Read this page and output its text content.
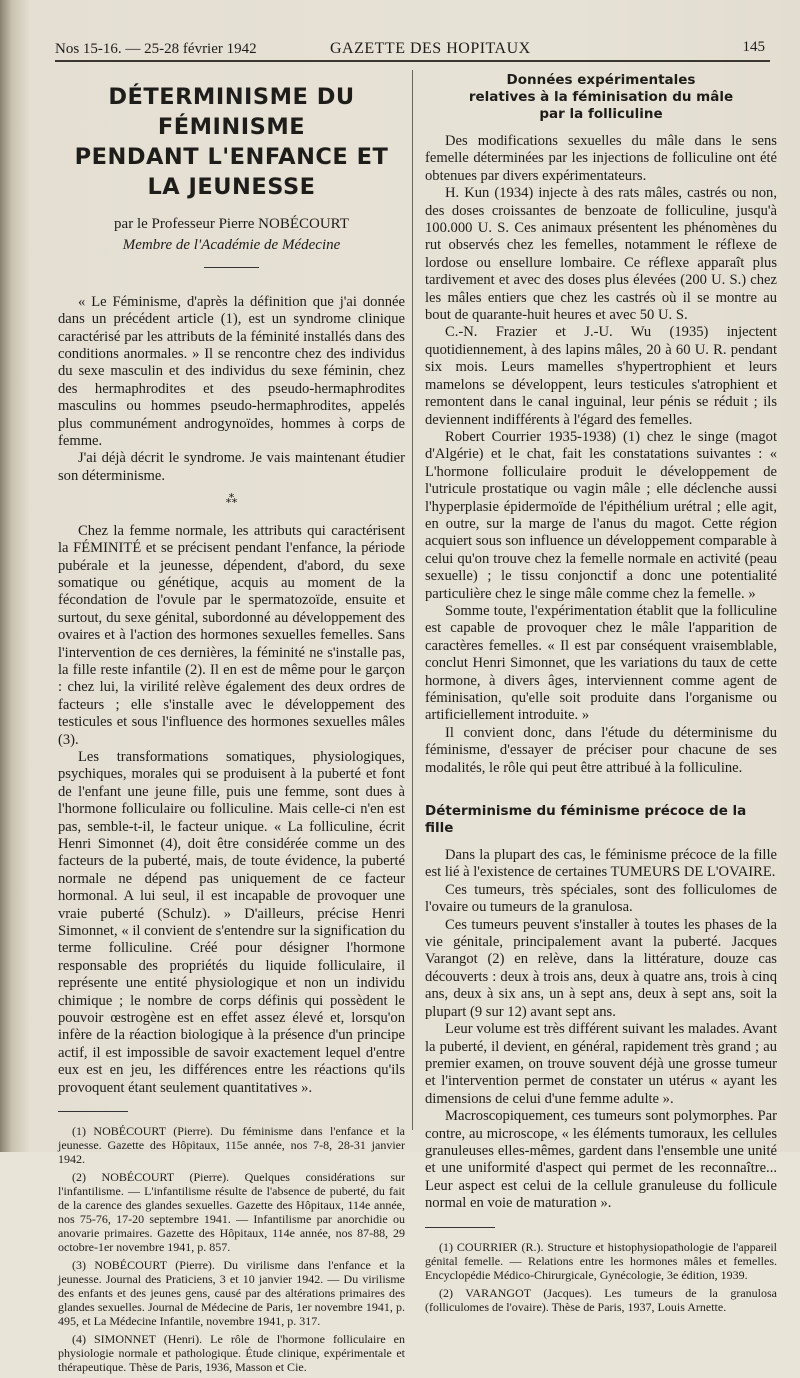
Nos 15-16. — 25-28 février 1942	GAZETTE DES HOPITAUX	145
DÉTERMINISME DU FÉMINISME
PENDANT L'ENFANCE ET LA JEUNESSE
par le Professeur Pierre NOBÉCOURT
Membre de l'Académie de Médecine

« Le Féminisme, d'après la définition que j'ai donnée dans un précédent article (1), est un syndrome clinique caractérisé par les attributs de la féminité installés dans des conditions anormales. » Il se rencontre chez des individus du sexe masculin et des individus du sexe féminin, chez des hermaphrodites et des pseudo-hermaphrodites masculins ou hommes pseudo-hermaphrodites, appelés plus communément androgynoïdes, hommes à corps de femme.

J'ai déjà décrit le syndrome. Je vais maintenant étudier son déterminisme.

⁂

Chez la femme normale, les attributs qui caractérisent la FÉMINITÉ et se précisent pendant l'enfance, la période pubérale et la jeunesse, dépendent, d'abord, du sexe somatique ou génétique, acquis au moment de la fécondation de l'ovule par le spermatozoïde, ensuite et surtout, du sexe génital, subordonné au développement des ovaires et à l'action des hormones sexuelles femelles. Sans l'intervention de ces dernières, la féminité ne s'installe pas, la fille reste infantile (2). Il en est de même pour le garçon : chez lui, la virilité relève également des deux ordres de facteurs ; elle s'installe avec le développement des testicules et sous l'influence des hormones sexuelles mâles (3).

Les transformations somatiques, physiologiques, psychiques, morales qui se produisent à la puberté et font de l'enfant une jeune fille, puis une femme, sont dues à l'hormone folliculaire ou folliculine. Mais celle-ci n'en est pas, semble-t-il, le facteur unique. « La folliculine, écrit Henri Simonnet (4), doit être considérée comme un des facteurs de la puberté, mais, de toute évidence, la puberté normale ne dépend pas uniquement de ce facteur hormonal. A lui seul, il est incapable de provoquer une vraie puberté (Schulz). » D'ailleurs, précise Henri Simonnet, « il convient de s'entendre sur la signification du terme folliculine. Créé pour désigner l'hormone responsable des propriétés du liquide folliculaire, il représente une entité physiologique et non un individu chimique ; le nombre de corps définis qui possèdent le pouvoir œstrogène est en effet assez élevé et, lorsqu'on infère de la réaction biologique à la présence d'un principe actif, il est impossible de savoir exactement lequel d'entre eux est en jeu, les différences entre les réactions qu'ils provoquent étant seulement quantitatives ».

(1) NOBÉCOURT (Pierre). Du féminisme dans l'enfance et la jeunesse. Gazette des Hôpitaux, 115e année, nos 7-8, 28-31 janvier 1942.

(2) NOBÉCOURT (Pierre). Quelques considérations sur l'infantilisme. — L'infantilisme résulte de l'absence de puberté, du fait de la carence des glandes sexuelles. Gazette des Hôpitaux, 114e année, nos 75-76, 17-20 septembre 1941. — Infantilisme par anorchidie ou anovarie primaires. Gazette des Hôpitaux, 114e année, nos 87-88, 29 octobre-1er novembre 1941, p. 857.

(3) NOBÉCOURT (Pierre). Du virilisme dans l'enfance et la jeunesse. Journal des Praticiens, 3 et 10 janvier 1942. — Du virilisme des enfants et des jeunes gens, causé par des altérations primaires des glandes sexuelles. Journal de Médecine de Paris, 1er novembre 1941, p. 495, et La Médecine Infantile, novembre 1941, p. 317.

(4) SIMONNET (Henri). Le rôle de l'hormone folliculaire en physiologie normale et pathologique. Étude clinique, expérimentale et thérapeutique. Thèse de Paris, 1936, Masson et Cie.

Données expérimentales
relatives à la féminisation du mâle
par la folliculine

Des modifications sexuelles du mâle dans le sens femelle déterminées par les injections de folliculine ont été obtenues par divers expérimentateurs.

H. Kun (1934) injecte à des rats mâles, castrés ou non, des doses croissantes de benzoate de folliculine, jusqu'à 100.000 U. S. Ces animaux présentent les phénomènes du rut observés chez les femelles, notamment le réflexe de lordose ou ensellure lombaire. Ce réflexe apparaît plus tardivement et avec des doses plus élevées (200 U. S.) chez les mâles entiers que chez les castrés où il se montre au bout de quarante-huit heures et avec 50 U. S.

C.-N. Frazier et J.-U. Wu (1935) injectent quotidiennement, à des lapins mâles, 20 à 60 U. R. pendant six mois. Leurs mamelles s'hypertrophient et leurs mamelons se développent, leurs testicules s'atrophient et remontent dans le canal inguinal, leur pénis se réduit ; ils deviennent indifférents à l'égard des femelles.

Robert Courrier 1935-1938) (1) chez le singe (magot d'Algérie) et le chat, fait les constatations suivantes : « L'hormone folliculaire produit le développement de l'utricule prostatique ou vagin mâle ; elle déclenche aussi l'hyperplasie épidermoïde de l'épithélium urétral ; elle agit, en outre, sur la marge de l'anus du magot. Cette région acquiert sous son influence un développement comparable à celui qu'on trouve chez la femelle normale en activité (peau sexuelle) ; le tissu conjonctif a donc une potentialité particulière chez le singe mâle comme chez la femelle. »

Somme toute, l'expérimentation établit que la folliculine est capable de provoquer chez le mâle l'apparition de caractères femelles. « Il est par conséquent vraisemblable, conclut Henri Simonnet, que les variations du taux de cette hormone, à divers âges, interviennent comme agent de féminisation, qu'elle soit produite dans l'organisme ou artificiellement introduite. »

Il convient donc, dans l'étude du déterminisme du féminisme, d'essayer de préciser pour chacune de ses modalités, le rôle qui peut être attribué à la folliculine.

Déterminisme du féminisme précoce de la fille

Dans la plupart des cas, le féminisme précoce de la fille est lié à l'existence de certaines TUMEURS DE L'OVAIRE.

Ces tumeurs, très spéciales, sont des folliculomes de l'ovaire ou tumeurs de la granulosa.

Ces tumeurs peuvent s'installer à toutes les phases de la vie génitale, principalement avant la puberté. Jacques Varangot (2) en relève, dans la littérature, douze cas découverts : deux à trois ans, deux à quatre ans, trois à cinq ans, deux à six ans, un à sept ans, deux à sept ans, soit la plupart (9 sur 12) avant sept ans.

Leur volume est très différent suivant les malades. Avant la puberté, il devient, en général, rapidement très grand ; au premier examen, on trouve souvent déjà une grosse tumeur et l'intervention permet de constater un utérus « ayant les dimensions de celui d'une femme adulte ».

Macroscopiquement, ces tumeurs sont polymorphes. Par contre, au microscope, « les éléments tumoraux, les cellules granuleuses elles-mêmes, gardent dans l'ensemble une unité et une uniformité d'aspect qui permet de les reconnaître... Leur aspect est celui de la cellule granuleuse du follicule normal en voie de maturation ».

(1) COURRIER (R.). Structure et histophysiopathologie de l'appareil génital femelle. — Relations entre les hormones mâles et femelles. Encyclopédie Médico-Chirurgicale, Gynécologie, 3e édition, 1939.

(2) VARANGOT (Jacques). Les tumeurs de la granulosa (folliculomes de l'ovaire). Thèse de Paris, 1937, Louis Arnette.
